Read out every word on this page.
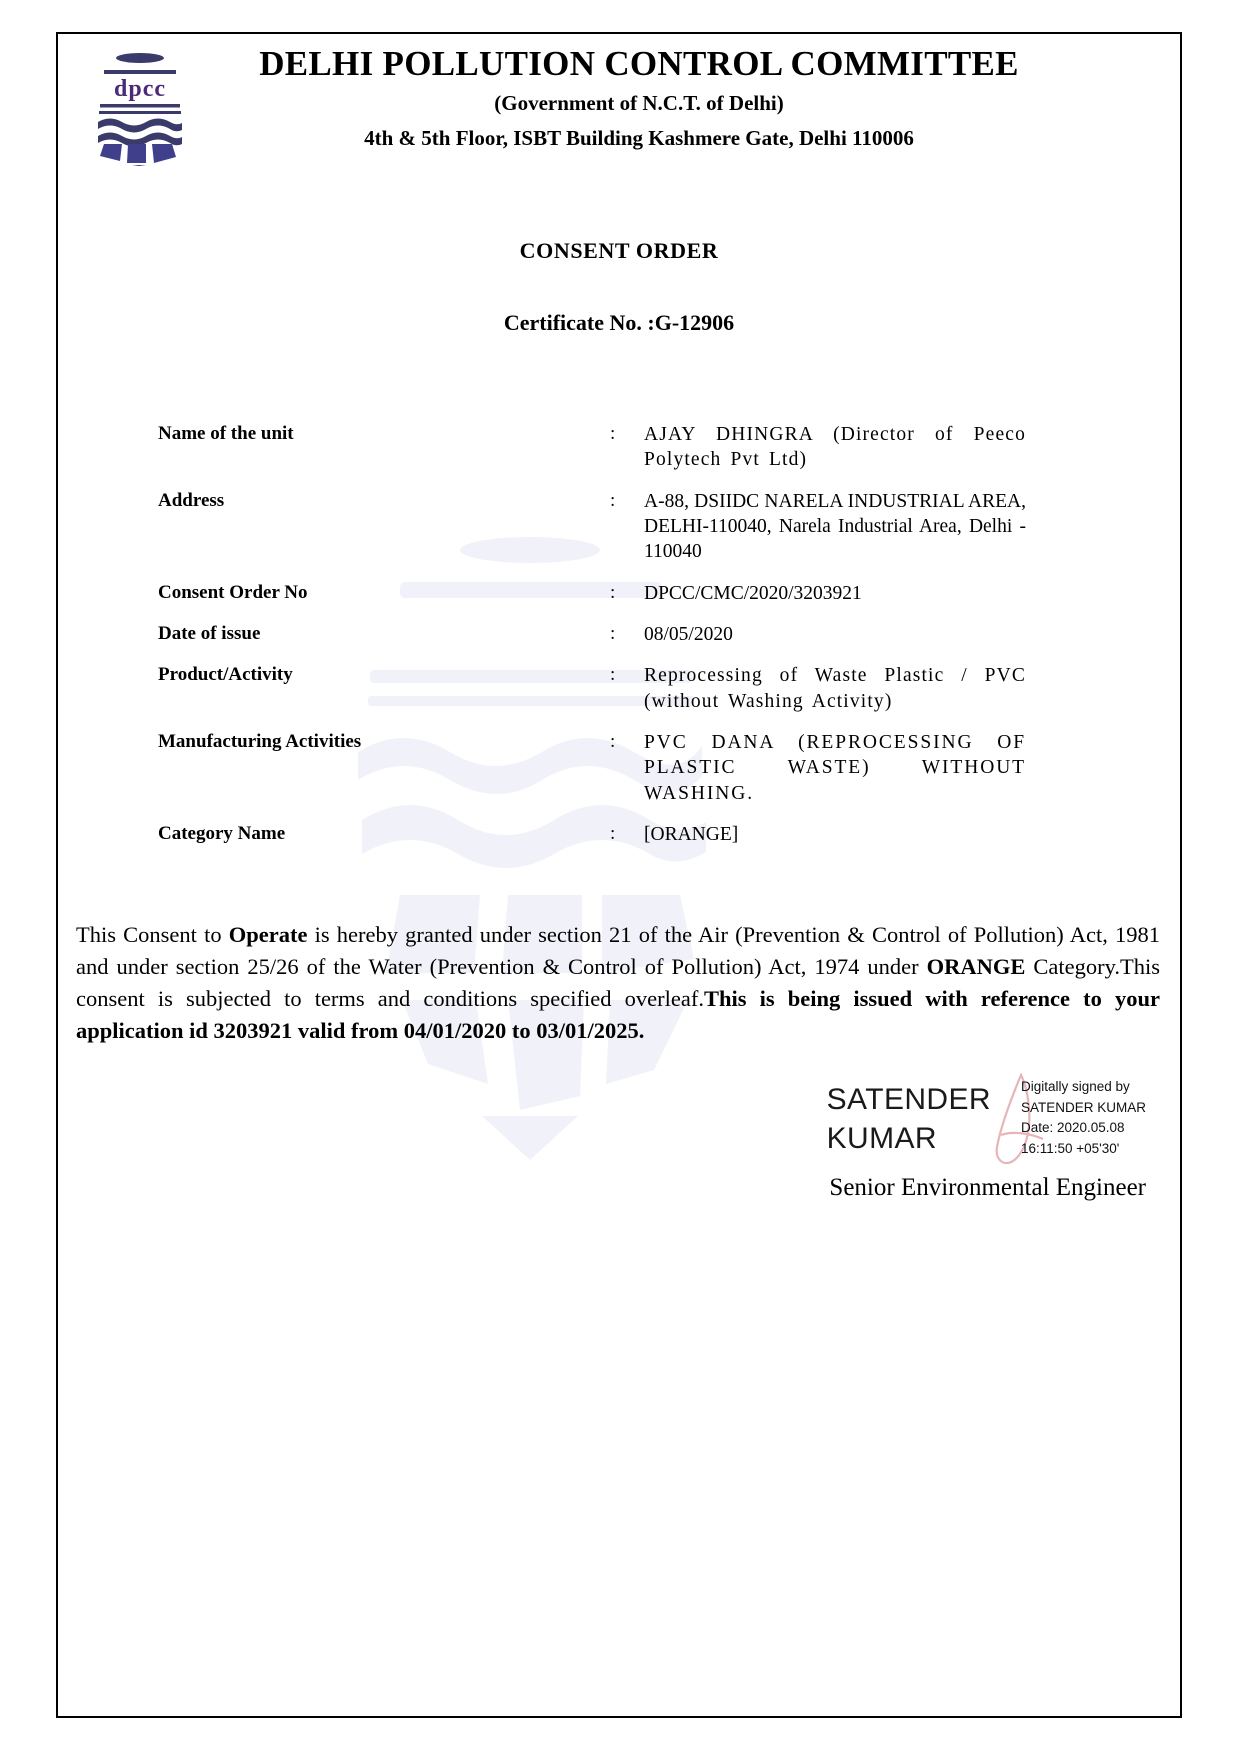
dpcc
DELHI POLLUTION CONTROL COMMITTEE
(Government of N.C.T. of Delhi)
4th & 5th Floor, ISBT Building Kashmere Gate, Delhi 110006
CONSENT ORDER
Certificate No. :G-12906
Name of the unit	:	AJAY DHINGRA (Director of Peeco Polytech Pvt Ltd)
Address	:	A-88, DSIIDC NARELA INDUSTRIAL AREA, DELHI-110040, Narela Industrial Area, Delhi - 110040
Consent Order No	:	DPCC/CMC/2020/3203921
Date of issue	:	08/05/2020
Product/Activity	:	Reprocessing of Waste Plastic / PVC (without Washing Activity)
Manufacturing Activities	:	PVC DANA (REPROCESSING OF PLASTIC WASTE) WITHOUT WASHING.
Category Name	:	[ORANGE]
This Consent to Operate is hereby granted under section 21 of the Air (Prevention & Control of Pollution) Act, 1981 and under section 25/26 of the Water (Prevention & Control of Pollution) Act, 1974 under ORANGE Category.This consent is subjected to terms and conditions specified overleaf.This is being issued with reference to your application id 3203921 valid from 04/01/2020 to 03/01/2025.
SATENDER
KUMAR
Digitally signed by
SATENDER KUMAR
Date: 2020.05.08
16:11:50 +05'30'
Senior Environmental Engineer
